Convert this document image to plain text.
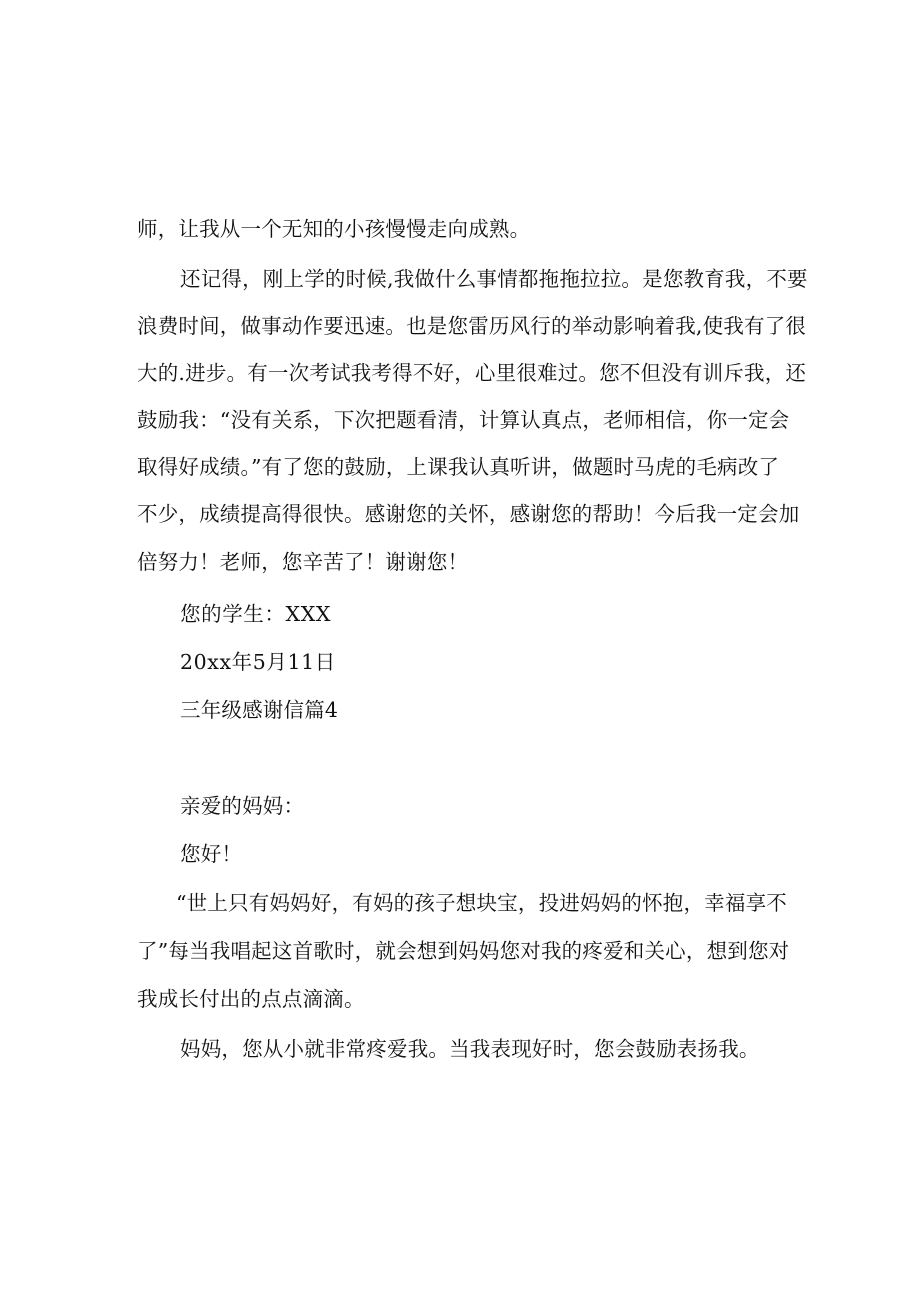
师，让我从一个无知的小孩慢慢走向成熟。
还记得，刚上学的时候,我做什么事情都拖拖拉拉。是您教育我，不要
浪费时间，做事动作要迅速。也是您雷历风行的举动影响着我,使我有了很
大的.进步。有一次考试我考得不好，心里很难过。您不但没有训斥我，还
鼓励我：“没有关系，下次把题看清，计算认真点，老师相信，你一定会
取得好成绩。”有了您的鼓励，上课我认真听讲，做题时马虎的毛病改了
不少，成绩提高得很快。感谢您的关怀，感谢您的帮助！今后我一定会加
倍努力！老师，您辛苦了！谢谢您！
您的学生：XXX
20xx年5月11日
三年级感谢信篇4
亲爱的妈妈：
您好！
“世上只有妈妈好，有妈的孩子想块宝，投进妈妈的怀抱，幸福享不
了”每当我唱起这首歌时，就会想到妈妈您对我的疼爱和关心，想到您对
我成长付出的点点滴滴。
妈妈，您从小就非常疼爱我。当我表现好时，您会鼓励表扬我。
